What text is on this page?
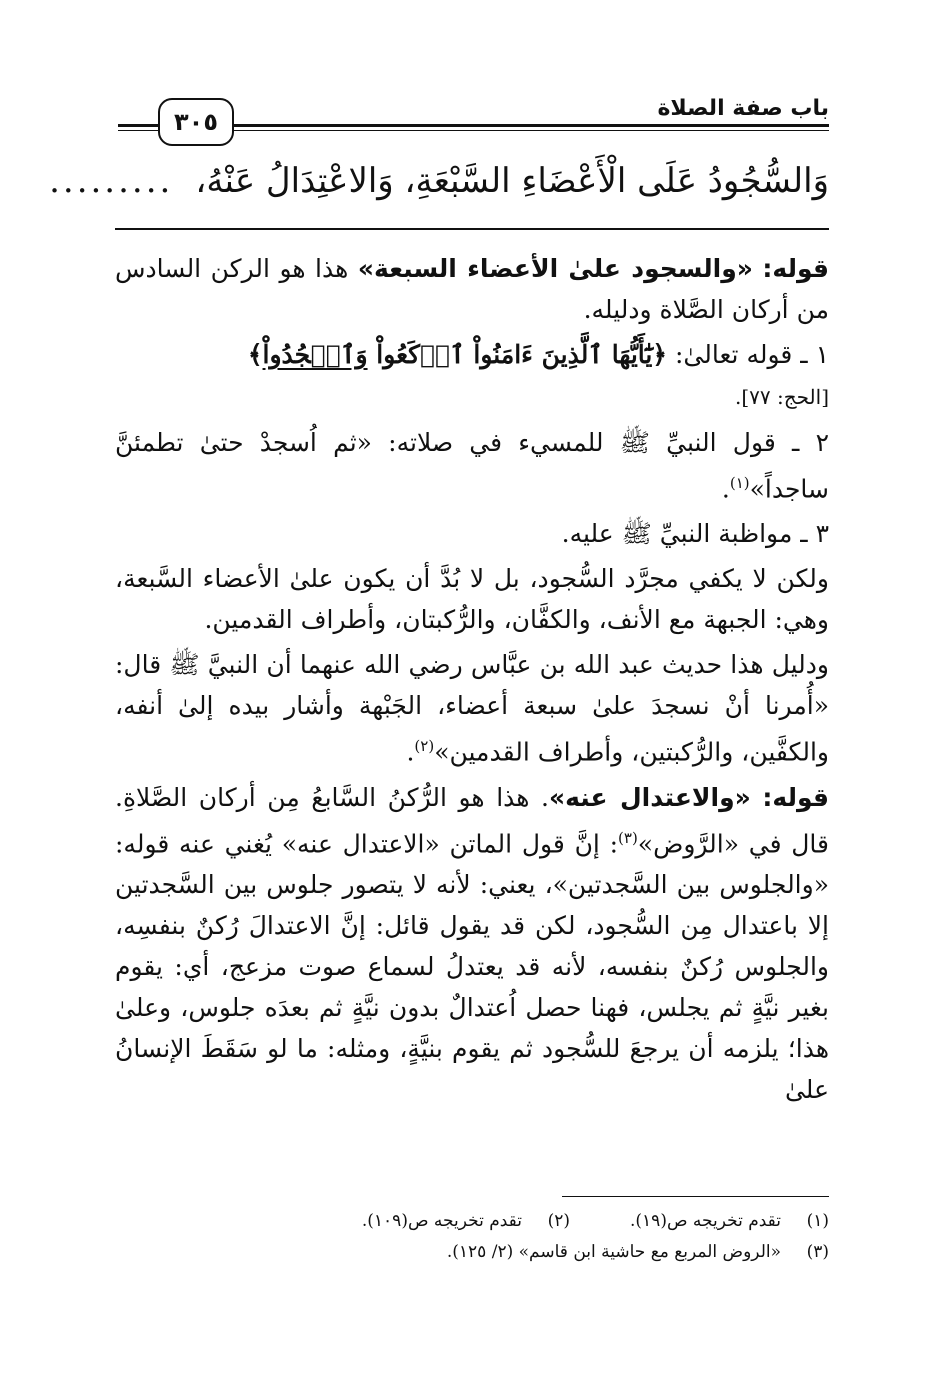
باب صفة الصلاة
٣٠٥
وَالسُّجُودُ عَلَى الْأَعْضَاءِ السَّبْعَةِ، وَالاعْتِدَالُ عَنْهُ،.........

قوله: «والسجود علىٰ الأعضاء السبعة» هذا هو الركن السادس من أركان الصَّلاة ودليله.

١ ـ قوله تعالىٰ: ﴿يَٰٓأَيُّهَا ٱلَّذِينَ ءَامَنُواْ ٱرۡكَعُواْ وَٱسۡجُدُواْ﴾
[الحج: ٧٧].

٢ ـ قول النبيِّ ﷺ للمسيء في صلاته: «ثم اُسجدْ حتىٰ تطمئنَّ ساجداً»$^{(١)}$.

٣ ـ مواظبة النبيِّ ﷺ عليه.

ولكن لا يكفي مجرَّد السُّجود، بل لا بُدَّ أن يكون علىٰ الأعضاء السَّبعة، وهي: الجبهة مع الأنف، والكفَّان، والرُّكبتان، وأطراف القدمين.

ودليل هذا حديث عبد الله بن عبَّاس رضي الله عنهما أن النبيَّ ﷺ قال: «أُمرنا أنْ نسجدَ علىٰ سبعة أعضاء، الجَبْهة وأشار بيده إلىٰ أنفه، والكفَّين، والرُّكبتين، وأطراف القدمين»$^{(٢)}$.

قوله: «والاعتدال عنه». هذا هو الرُّكنُ السَّابعُ مِن أركان الصَّلاةِ. قال في «الرَّوض»$^{(٣)}$: إنَّ قول الماتن «الاعتدال عنه» يُغني عنه قوله: «والجلوس بين السَّجدتين»، يعني: لأنه لا يتصور جلوس بين السَّجدتين إلا باعتدال مِن السُّجود، لكن قد يقول قائل: إنَّ الاعتدالَ رُكنٌ بنفسِه، والجلوس رُكنٌ بنفسه، لأنه قد يعتدلُ لسماع صوت مزعج، أي: يقوم بغير نيَّةٍ ثم يجلس، فهنا حصل اُعتدالٌ بدون نيَّةٍ ثم بعدَه جلوس، وعلىٰ هذا؛ يلزمه أن يرجعَ للسُّجود ثم يقوم بنيَّةٍ، ومثله: ما لو سَقَطَ الإنسانُ علىٰ

(١)تقدم تخريجه ص(١٩).
(٢)تقدم تخريجه ص(١٠٩).
(٣)«الروض المربع مع حاشية ابن قاسم» (٢/ ١٢٥).
